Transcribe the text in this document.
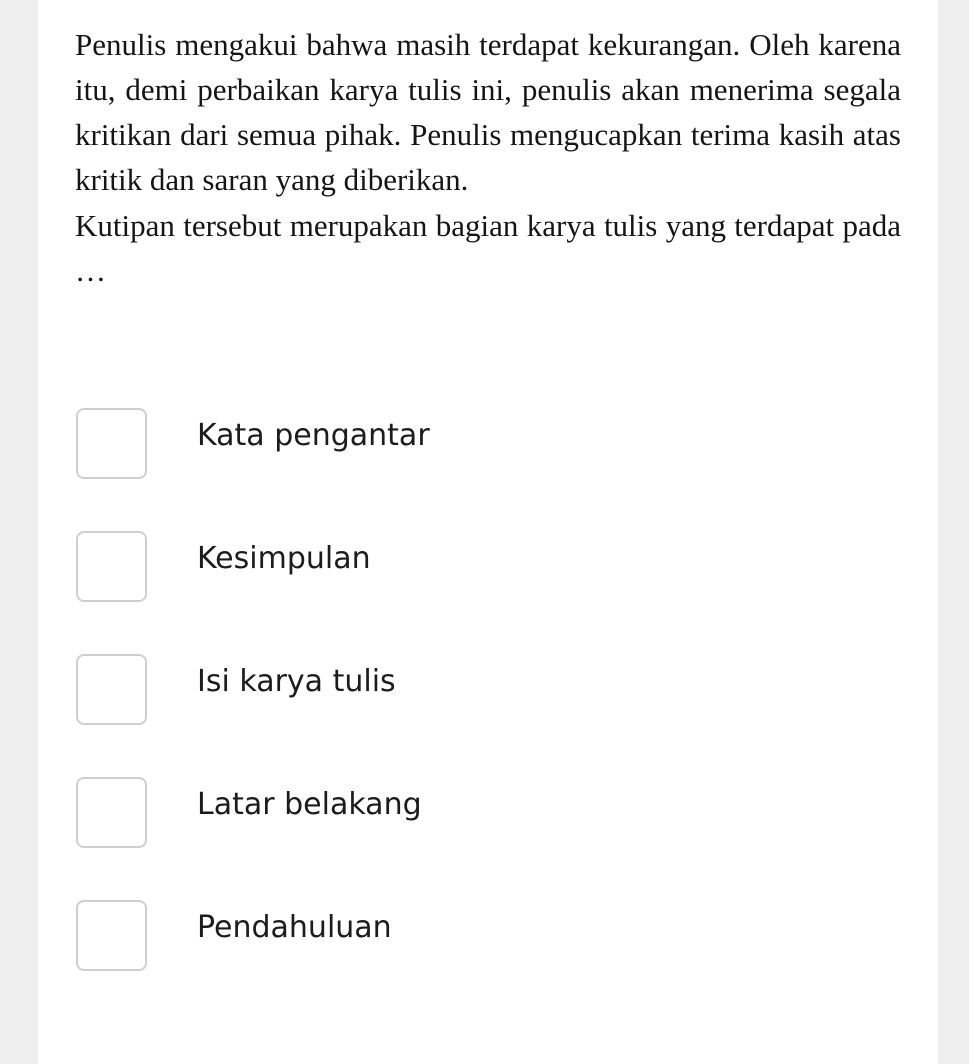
Penulis mengakui bahwa masih terdapat kekurangan. Oleh karena itu, demi perbaikan karya tulis ini, penulis akan menerima segala kritikan dari semua pihak. Penulis mengucapkan terima kasih atas kritik dan saran yang diberikan.

Kutipan tersebut merupakan bagian karya tulis yang terdapat pada …

Kata pengantar
Kesimpulan
Isi karya tulis
Latar belakang
Pendahuluan
